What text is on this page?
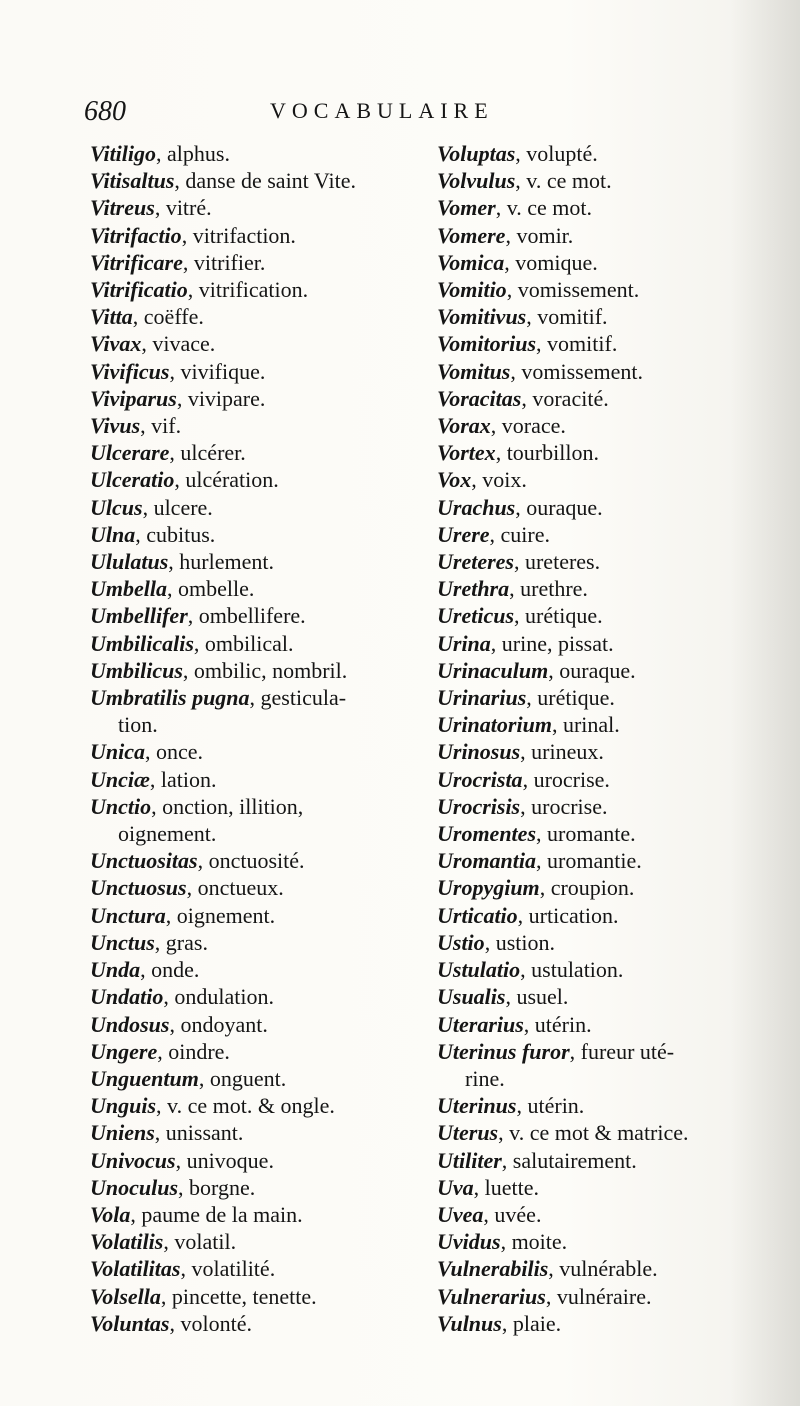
680	VOCABULAIRE
Vitiligo, alphus.
Vitisaltus, danse de saint Vite.
Vitreus, vitré.
Vitrifactio, vitrifaction.
Vitrificare, vitrifier.
Vitrificatio, vitrification.
Vitta, coëffe.
Vivax, vivace.
Vivificus, vivifique.
Viviparus, vivipare.
Vivus, vif.
Ulcerare, ulcérer.
Ulceratio, ulcération.
Ulcus, ulcere.
Ulna, cubitus.
Ululatus, hurlement.
Umbella, ombelle.
Umbellifer, ombellifere.
Umbilicalis, ombilical.
Umbilicus, ombilic, nombril.
Umbratilis pugna, gesticula-
tion.
Unica, once.
Unciæ, lation.
Unctio, onction, illition,
oignement.
Unctuositas, onctuosité.
Unctuosus, onctueux.
Unctura, oignement.
Unctus, gras.
Unda, onde.
Undatio, ondulation.
Undosus, ondoyant.
Ungere, oindre.
Unguentum, onguent.
Unguis, v. ce mot. & ongle.
Uniens, unissant.
Univocus, univoque.
Unoculus, borgne.
Vola, paume de la main.
Volatilis, volatil.
Volatilitas, volatilité.
Volsella, pincette, tenette.
Voluntas, volonté.
Voluptas, volupté.
Volvulus, v. ce mot.
Vomer, v. ce mot.
Vomere, vomir.
Vomica, vomique.
Vomitio, vomissement.
Vomitivus, vomitif.
Vomitorius, vomitif.
Vomitus, vomissement.
Voracitas, voracité.
Vorax, vorace.
Vortex, tourbillon.
Vox, voix.
Urachus, ouraque.
Urere, cuire.
Ureteres, ureteres.
Urethra, urethre.
Ureticus, urétique.
Urina, urine, pissat.
Urinaculum, ouraque.
Urinarius, urétique.
Urinatorium, urinal.
Urinosus, urineux.
Urocrista, urocrise.
Urocrisis, urocrise.
Uromentes, uromante.
Uromantia, uromantie.
Uropygium, croupion.
Urticatio, urtication.
Ustio, ustion.
Ustulatio, ustulation.
Usualis, usuel.
Uterarius, utérin.
Uterinus furor, fureur uté-
rine.
Uterinus, utérin.
Uterus, v. ce mot & matrice.
Utiliter, salutairement.
Uva, luette.
Uvea, uvée.
Uvidus, moite.
Vulnerabilis, vulnérable.
Vulnerarius, vulnéraire.
Vulnus, plaie.
